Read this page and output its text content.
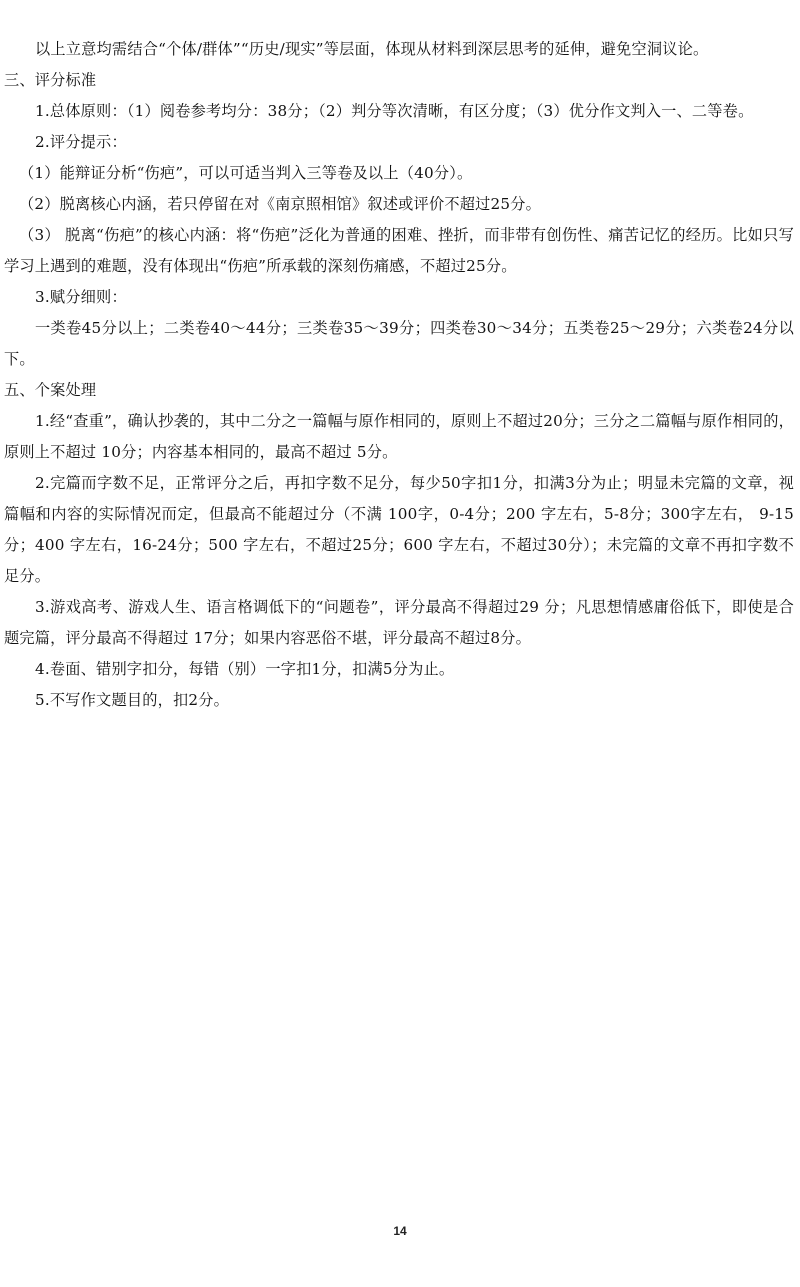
以上立意均需结合“个体/群体”“历史/现实”等层面，体现从材料到深层思考的延伸，避免空洞议论。

三、评分标准

1.总体原则：（1）阅卷参考均分：38分；（2）判分等次清晰，有区分度；（3）优分作文判入一、二等卷。

2.评分提示：

（1）能辩证分析“伤疤”，可以可适当判入三等卷及以上（40分）。

（2）脱离核心内涵，若只停留在对《南京照相馆》叙述或评价不超过25分。

（3） 脱离“伤疤”的核心内涵：将“伤疤”泛化为普通的困难、挫折，而非带有创伤性、痛苦记忆的经历。比如只写学习上遇到的难题，没有体现出“伤疤”所承载的深刻伤痛感，不超过25分。

3.赋分细则：

一类卷45分以上；二类卷40～44分；三类卷35～39分；四类卷30～34分；五类卷25～29分；六类卷24分以下。

五、个案处理

1.经“查重”，确认抄袭的，其中二分之一篇幅与原作相同的，原则上不超过20分；三分之二篇幅与原作相同的，原则上不超过 10分；内容基本相同的，最高不超过 5分。

2.完篇而字数不足，正常评分之后，再扣字数不足分，每少50字扣1分，扣满3分为止；明显未完篇的文章，视篇幅和内容的实际情况而定，但最高不能超过分（不满 100字，0-4分；200 字左右，5-8分；300字左右， 9-15分；400 字左右，16-24分；500 字左右，不超过25分；600 字左右，不超过30分）；未完篇的文章不再扣字数不足分。

3.游戏高考、游戏人生、语言格调低下的“问题卷”，评分最高不得超过29 分；凡思想情感庸俗低下，即使是合题完篇，评分最高不得超过 17分；如果内容恶俗不堪，评分最高不超过8分。

4.卷面、错别字扣分，每错（别）一字扣1分，扣满5分为止。

5.不写作文题目的，扣2分。

14
